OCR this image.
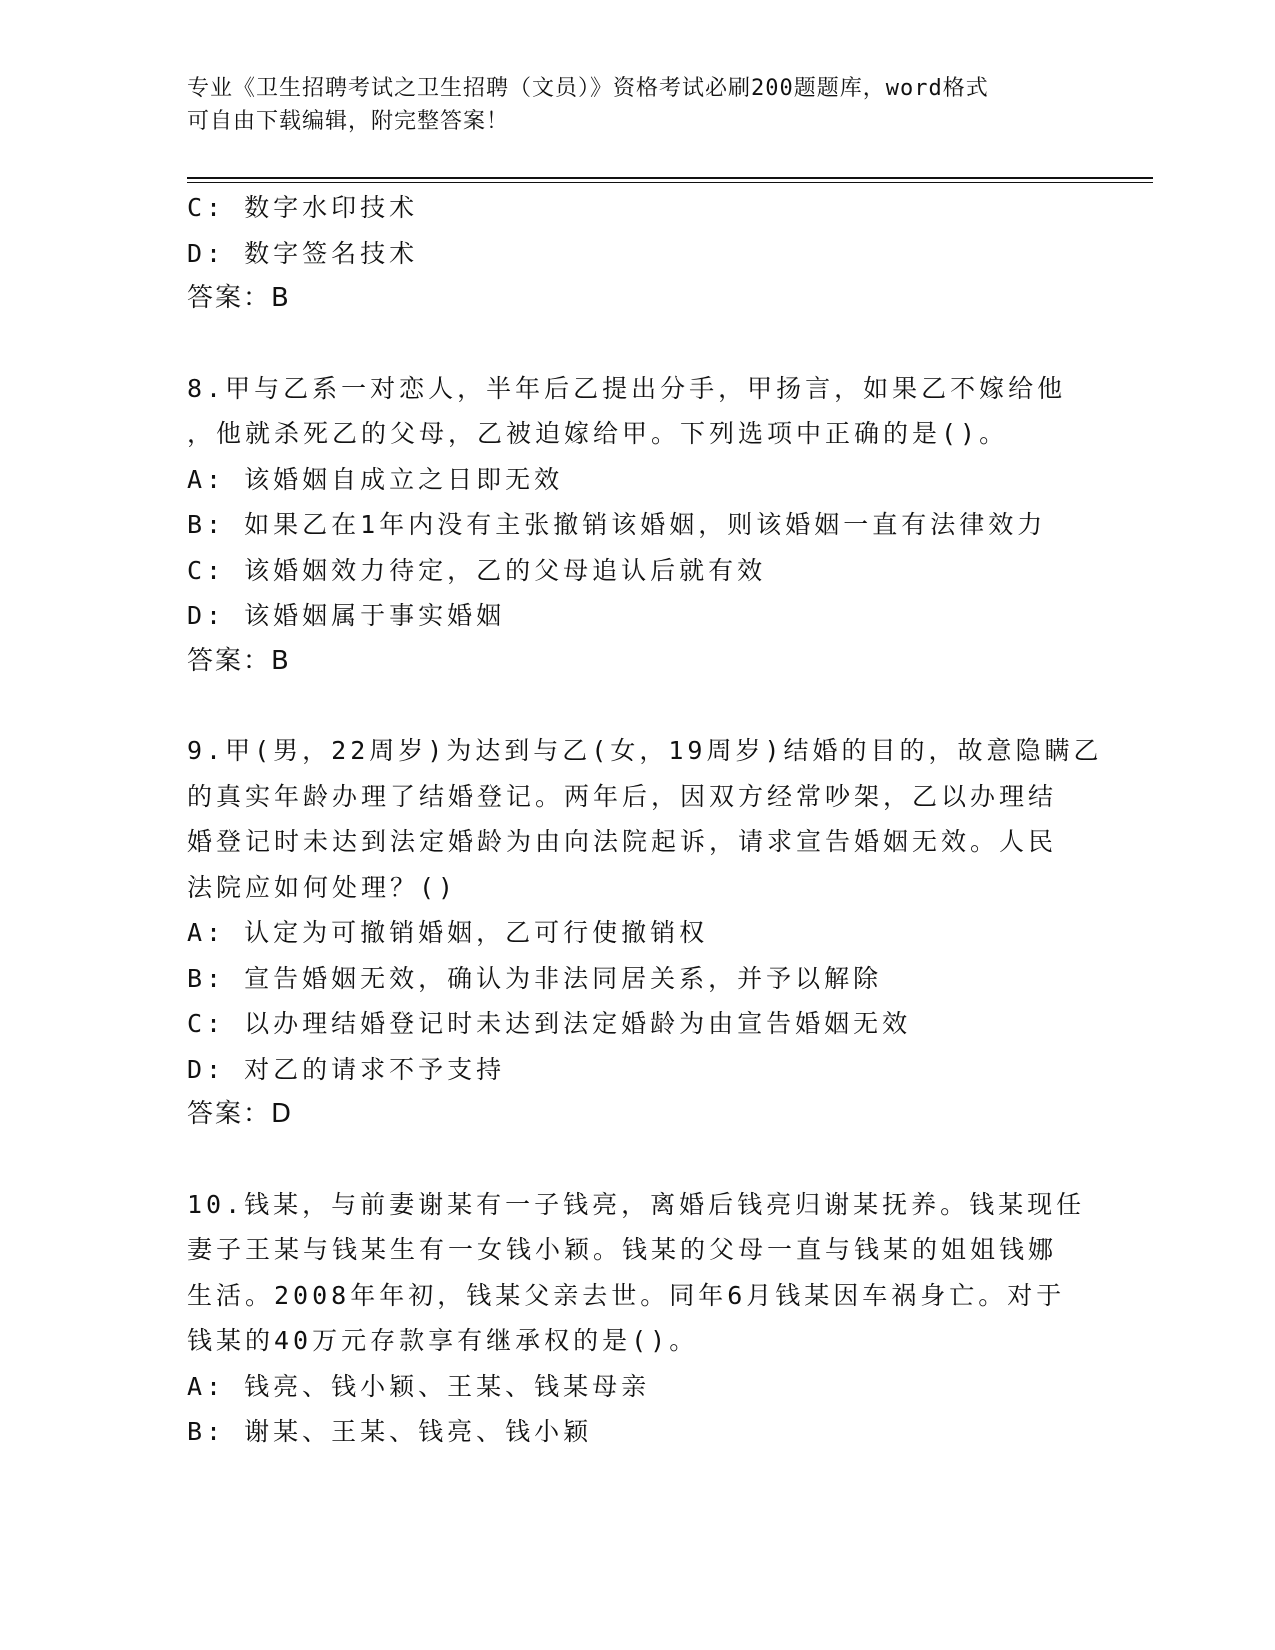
专业《卫生招聘考试之卫生招聘（文员）》资格考试必刷200题题库，word格式
可自由下载编辑，附完整答案！
C: 数字水印技术
D: 数字签名技术
答案：B
8.甲与乙系一对恋人，半年后乙提出分手，甲扬言，如果乙不嫁给他
，他就杀死乙的父母，乙被迫嫁给甲。下列选项中正确的是()。
A: 该婚姻自成立之日即无效
B: 如果乙在1年内没有主张撤销该婚姻，则该婚姻一直有法律效力
C: 该婚姻效力待定，乙的父母追认后就有效
D: 该婚姻属于事实婚姻
答案：B
9.甲(男，22周岁)为达到与乙(女，19周岁)结婚的目的，故意隐瞒乙
的真实年龄办理了结婚登记。两年后，因双方经常吵架，乙以办理结
婚登记时未达到法定婚龄为由向法院起诉，请求宣告婚姻无效。人民
法院应如何处理？()
A: 认定为可撤销婚姻，乙可行使撤销权
B: 宣告婚姻无效，确认为非法同居关系，并予以解除
C: 以办理结婚登记时未达到法定婚龄为由宣告婚姻无效
D: 对乙的请求不予支持
答案：D
10.钱某，与前妻谢某有一子钱亮，离婚后钱亮归谢某抚养。钱某现任
妻子王某与钱某生有一女钱小颖。钱某的父母一直与钱某的姐姐钱娜
生活。2008年年初，钱某父亲去世。同年6月钱某因车祸身亡。对于
钱某的40万元存款享有继承权的是()。
A: 钱亮、钱小颖、王某、钱某母亲
B: 谢某、王某、钱亮、钱小颖
